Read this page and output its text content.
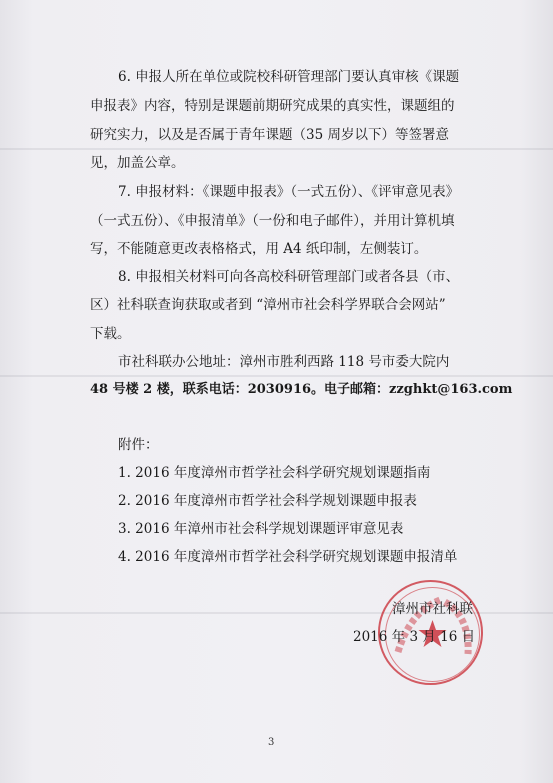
6. 申报人所在单位或院校科研管理部门要认真审核《课题
申报表》内容，特别是课题前期研究成果的真实性，课题组的
研究实力，以及是否属于青年课题（35 周岁以下）等签署意
见，加盖公章。
7. 申报材料：《课题申报表》（一式五份）、《评审意见表》
（一式五份）、《申报清单》（一份和电子邮件），并用计算机填
写，不能随意更改表格格式，用 A4 纸印制，左侧装订。
8. 申报相关材料可向各高校科研管理部门或者各县（市、
区）社科联查询获取或者到 “漳州市社会科学界联合会网站”
下载。
市社科联办公地址：漳州市胜利西路 118 号市委大院内
48 号楼 2 楼，联系电话：2030916。电子邮箱：zzghkt@163.com
附件：
1. 2016 年度漳州市哲学社会科学研究规划课题指南
2. 2016 年度漳州市哲学社会科学规划课题申报表
3. 2016 年漳州市社会科学规划课题评审意见表
4. 2016 年度漳州市哲学社会科学研究规划课题申报清单
漳州市社科联
2016 年 3 月 16 日
3
